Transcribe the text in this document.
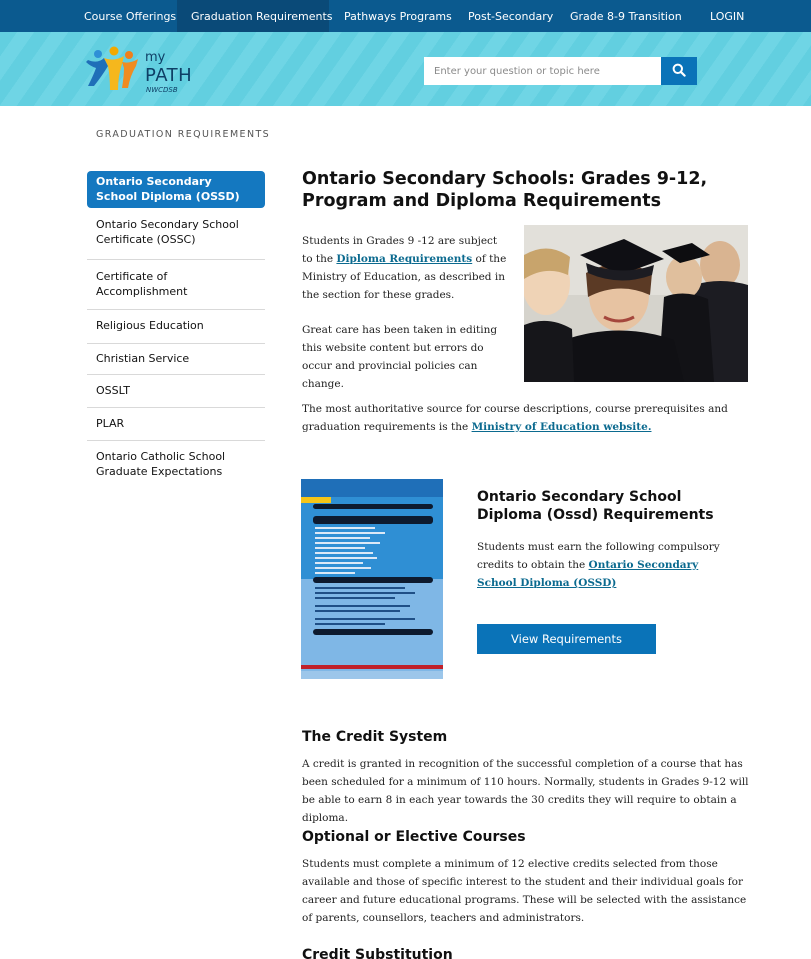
Course Offerings	Graduation Requirements Pathways Programs Post-Secondary Grade 8-9 Transition	LOGIN
my
PATH
NWCDSB
Enter your question or topic here
GRADUATION REQUIREMENTS
Ontario Secondary School Diploma (OSSD)
Ontario Secondary School Certificate (OSSC)
Certificate of Accomplishment
Religious Education
Christian Service
OSSLT
PLAR
Ontario Catholic School Graduate Expectations
Ontario Secondary Schools: Grades 9-12, Program and Diploma Requirements

Students in Grades 9 -12 are subject to the Diploma Requirements of the Ministry of Education, as described in the section for these grades.

Great care has been taken in editing this website content but errors do occur and provincial policies can change.

The most authoritative source for course descriptions, course prerequisites and graduation requirements is the Ministry of Education website.

Ontario Secondary School Diploma (Ossd) Requirements

Students must earn the following compulsory credits to obtain the Ontario Secondary School Diploma (OSSD)

View Requirements
The Credit System

A credit is granted in recognition of the successful completion of a course that has been scheduled for a minimum of 110 hours. Normally, students in Grades 9-12 will be able to earn 8 in each year towards the 30 credits they will require to obtain a diploma.

Optional or Elective Courses

Students must complete a minimum of 12 elective credits selected from those available and those of specific interest to the student and their individual goals for career and future educational programs. These will be selected with the assistance of parents, counsellors, teachers and administrators.

Credit Substitution
